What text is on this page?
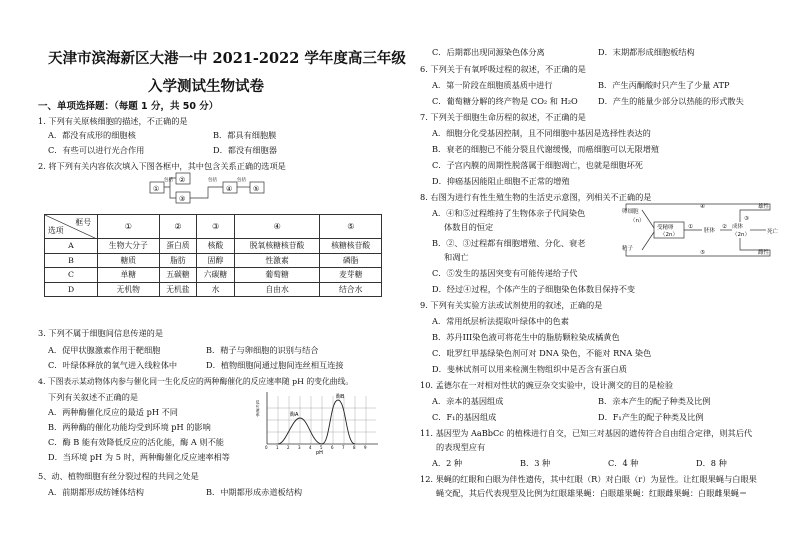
天津市滨海新区大港一中 2021-2022 学年度高三年级
入学测试生物试卷
一、单项选择题：（每题 1 分，共 50 分）
1. 下列有关原核细胞的描述，不正确的是
A．都没有成形的细胞核	B．都具有细胞膜
C．有些可以进行光合作用	D．都没有细胞器
2. 将下列有关内容依次填入下图各框中，其中包含关系正确的选项是
①
②
③
④	⑤
包括	包括	包括
框号
选项	①	②	③	④	⑤
A	生物大分子	蛋白质	核酸	脱氧核糖核苷酸	核糖核苷酸
B	糖质	脂肪	固醇	性激素	磷脂
C	单糖	五碳糖	六碳糖	葡萄糖	麦芽糖
D	无机物	无机盐	水	自由水	结合水
3. 下列不属于细胞间信息传递的是
A．促甲状腺激素作用于靶细胞	B．精子与卵细胞的识别与结合
C．叶绿体释放的氧气进入线粒体中	D．植物细胞间通过胞间连丝相互连接
4. 下图表示某动物体内参与催化同一生化反应的两种酶催化的反应速率随 pH 的变化曲线。
下列有关叙述不正确的是
A．两种酶催化反应的最适 pH 不同
B．两种酶的催化功能均受到环境 pH 的影响
C．酶 B 能有效降低反应的活化能，酶 A 则不能
D．当环境 pH 为 5 时，两种酶催化反应速率相等
酶A
酶B
反应速率
pH
0 1 2 3 4 5 6 7 8 9
5、动、植物细胞有丝分裂过程的共同之处是
A．前期都形成纺锤体结构	B．中期都形成赤道板结构
C．后期都出现同源染色体分离	D．末期都形成细胞板结构
6. 下列关于有氧呼吸过程的叙述，不正确的是
A．第一阶段在细胞质基质中进行	B．产生丙酮酸时只产生了少量 ATP
C．葡萄糖分解的终产物是 CO₂ 和 H₂O D．产生的能量少部分以热能的形式散失
7. 下列关于细胞生命历程的叙述，不正确的是
A．细胞分化受基因控制，且不同细胞中基因是选择性表达的
B．衰老的细胞已不能分裂且代谢缓慢，而癌细胞可以无限增殖
C．子宫内膜的周期性脱落属于细胞凋亡，也就是细胞坏死
D．抑癌基因能阻止细胞不正常的增殖
8. 右图为进行有性生殖生物的生活史示意图，列相关不正确的是
A．④和⑤过程维持了生物体亲子代间染色
体数目的恒定
B．②、③过程都有细胞增殖、分化、衰老
和凋亡
C．⑤发生的基因突变有可能传递给子代
D．经过④过程，个体产生的子细胞染色体数目保持不变
卵细胞
精子
受精卵
（2n）
胚体
成体
（2n）
雄性
雌性
死亡
（n）
①	②
③
④
⑤
9. 下列有关实验方法或试剂使用的叙述，正确的是
A．常用纸层析法提取叶绿体中的色素
B．苏丹III染色液可将花生中的脂肪颗粒染成橘黄色
C．吡罗红甲基绿染色剂可对 DNA 染色，不能对 RNA 染色
D．斐林试剂可以用来检测生物组织中是否含有蛋白质
10. 孟德尔在一对相对性状的豌豆杂交实验中，设计测交的目的是检验
A．亲本的基因组成	B．亲本产生的配子种类及比例
C．F₁的基因组成	D．F₁产生的配子种类及比例
11. 基因型为 AaBbCc 的植株进行自交，已知三对基因的遗传符合自由组合定律，则其后代
的表现型应有
A．2 种	B．3 种	C．4 种	D．8 种
12. 果蝇的红眼和白眼为伴性遗传，其中红眼（R）对白眼（r）为显性。让红眼果蝇与白眼果
蝇交配，其后代表现型及比例为红眼雄果蝇：白眼雄果蝇：红眼雌果蝇：白眼雌果蝇＝
